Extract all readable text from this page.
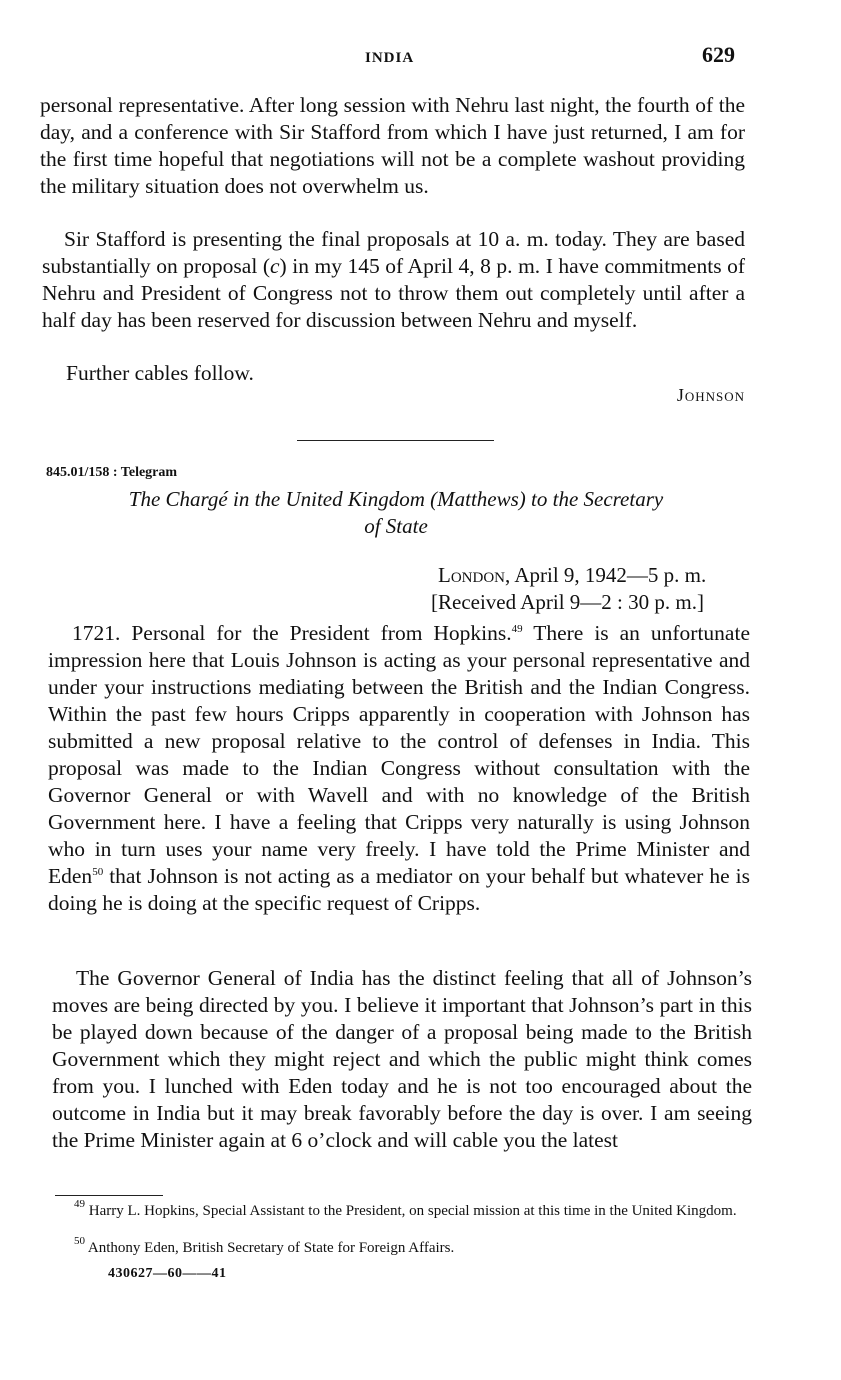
INDIA	629

personal representative. After long session with Nehru last night, the fourth of the day, and a conference with Sir Stafford from which I have just returned, I am for the first time hopeful that negotiations will not be a complete washout providing the military situation does not overwhelm us.

Sir Stafford is presenting the final proposals at 10 a. m. today. They are based substantially on proposal (c) in my 145 of April 4, 8 p. m. I have commitments of Nehru and President of Congress not to throw them out completely until after a half day has been reserved for discussion between Nehru and myself.

Further cables follow.

Johnson
845.01/158 : Telegram
The Chargé in the United Kingdom (Matthews) to the Secretary
of State
London, April 9, 1942—5 p. m.
[Received April 9—2 : 30 p. m.]

1721. Personal for the President from Hopkins.$^{49}$ There is an unfortunate impression here that Louis Johnson is acting as your personal representative and under your instructions mediating between the British and the Indian Congress. Within the past few hours Cripps apparently in cooperation with Johnson has submitted a new proposal relative to the control of defenses in India. This proposal was made to the Indian Congress without consultation with the Governor General or with Wavell and with no knowledge of the British Government here. I have a feeling that Cripps very naturally is using Johnson who in turn uses your name very freely. I have told the Prime Minister and Eden$^{50}$ that Johnson is not acting as a mediator on your behalf but whatever he is doing he is doing at the specific request of Cripps.

The Governor General of India has the distinct feeling that all of Johnson’s moves are being directed by you. I believe it important that Johnson’s part in this be played down because of the danger of a proposal being made to the British Government which they might reject and which the public might think comes from you. I lunched with Eden today and he is not too encouraged about the outcome in India but it may break favorably before the day is over. I am seeing the Prime Minister again at 6 o’clock and will cable you the latest

$^{49}$ Harry L. Hopkins, Special Assistant to the President, on special mission at this time in the United Kingdom.
$^{50}$ Anthony Eden, British Secretary of State for Foreign Affairs.
430627—60——41
